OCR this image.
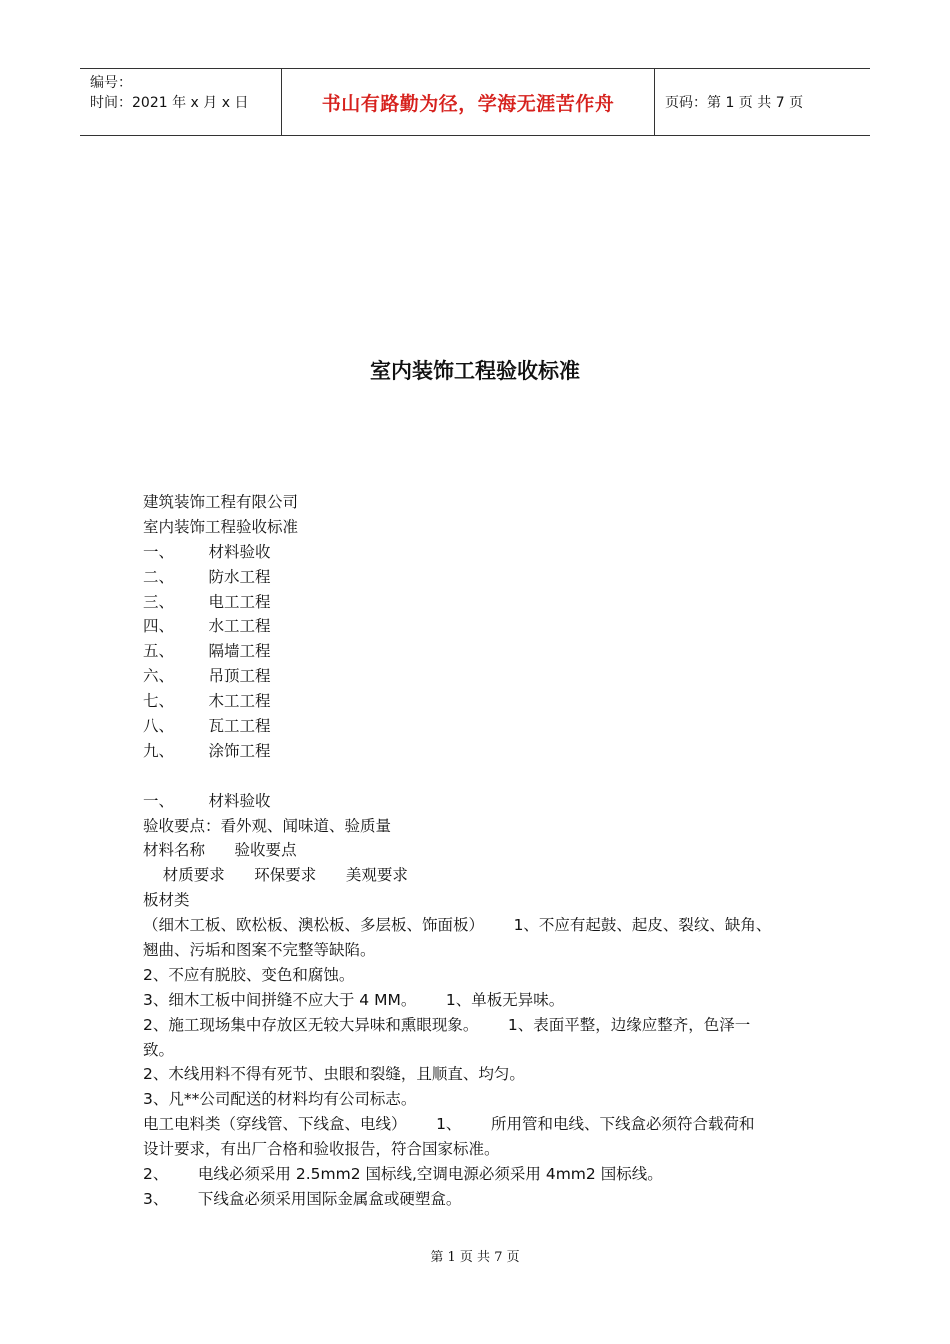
编号：
时间：2021 年 x 月 x 日	书山有路勤为径，学海无涯苦作舟	页码：第 1 页 共 7 页
室内装饰工程验收标准
建筑装饰工程有限公司
室内装饰工程验收标准
一、       材料验收
二、       防水工程
三、       电工工程
四、       水工工程
五、       隔墙工程
六、       吊顶工程
七、       木工工程
八、       瓦工工程
九、       涂饰工程
一、       材料验收
验收要点：看外观、闻味道、验质量
材料名称      验收要点
材质要求      环保要求      美观要求
板材类
（细木工板、欧松板、澳松板、多层板、饰面板）      1、不应有起鼓、起皮、裂纹、缺角、
翘曲、污垢和图案不完整等缺陷。
2、不应有脱胶、变色和腐蚀。
3、细木工板中间拼缝不应大于 4 MM。      1、单板无异味。
2、施工现场集中存放区无较大异味和熏眼现象。      1、表面平整，边缘应整齐，色泽一
致。
2、木线用料不得有死节、虫眼和裂缝，且顺直、均匀。
3、凡**公司配送的材料均有公司标志。
电工电料类（穿线管、下线盒、电线）      1、      所用管和电线、下线盒必须符合载荷和
设计要求，有出厂合格和验收报告，符合国家标准。
2、      电线必须采用 2.5mm2 国标线,空调电源必须采用 4mm2 国标线。
3、      下线盒必须采用国际金属盒或硬塑盒。
第 1 页 共 7 页
